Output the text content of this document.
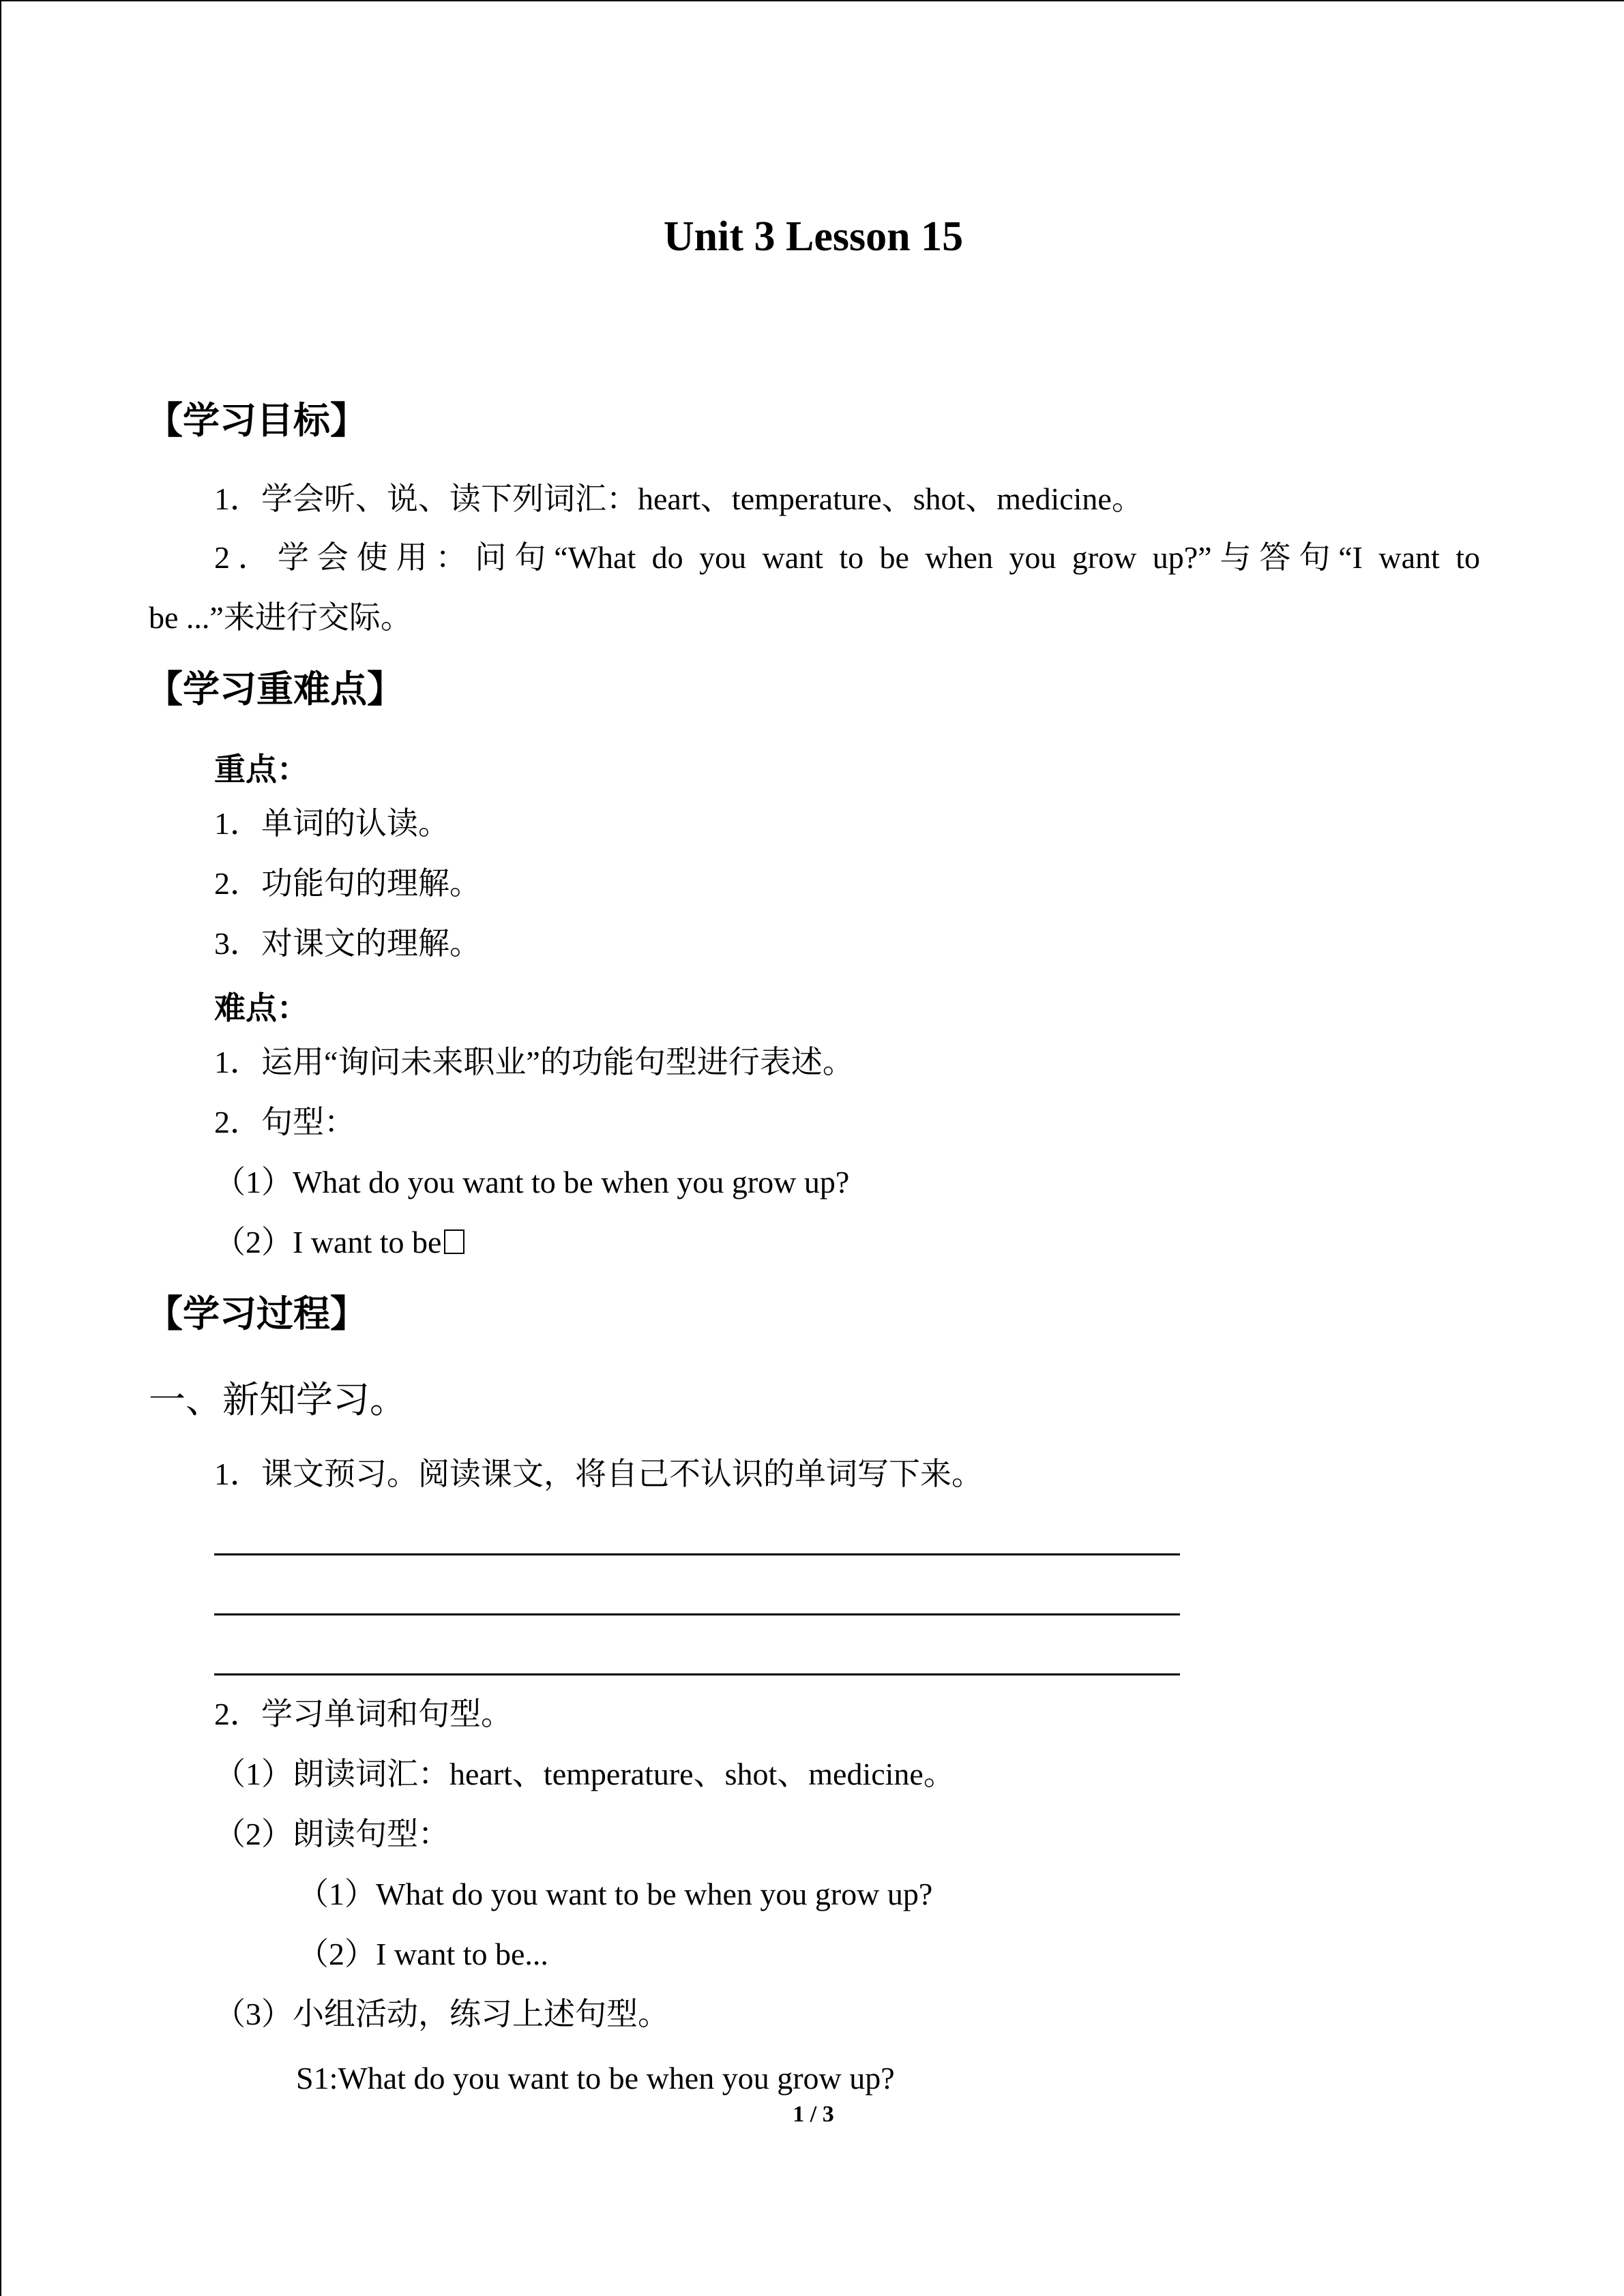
Unit 3 Lesson 15
【学习目标】
1．学会听、说、读下列词汇：heart、temperature、shot、medicine。
2．学会使用：问句“What do you want to be when you grow up?”与答句“I want to
be ...”来进行交际。
【学习重难点】
重点：
1．单词的认读。
2．功能句的理解。
3．对课文的理解。
难点：
1．运用“询问未来职业”的功能句型进行表述。
2．句型：
（1）What do you want to be when you grow up?
（2）I want to be
【学习过程】
一、新知学习。
1．课文预习。阅读课文，将自己不认识的单词写下来。
2．学习单词和句型。
（1）朗读词汇：heart、temperature、shot、medicine。
（2）朗读句型：
（1）What do you want to be when you grow up?
（2）I want to be...
（3）小组活动，练习上述句型。
S1:What do you want to be when you grow up?
1 / 3
